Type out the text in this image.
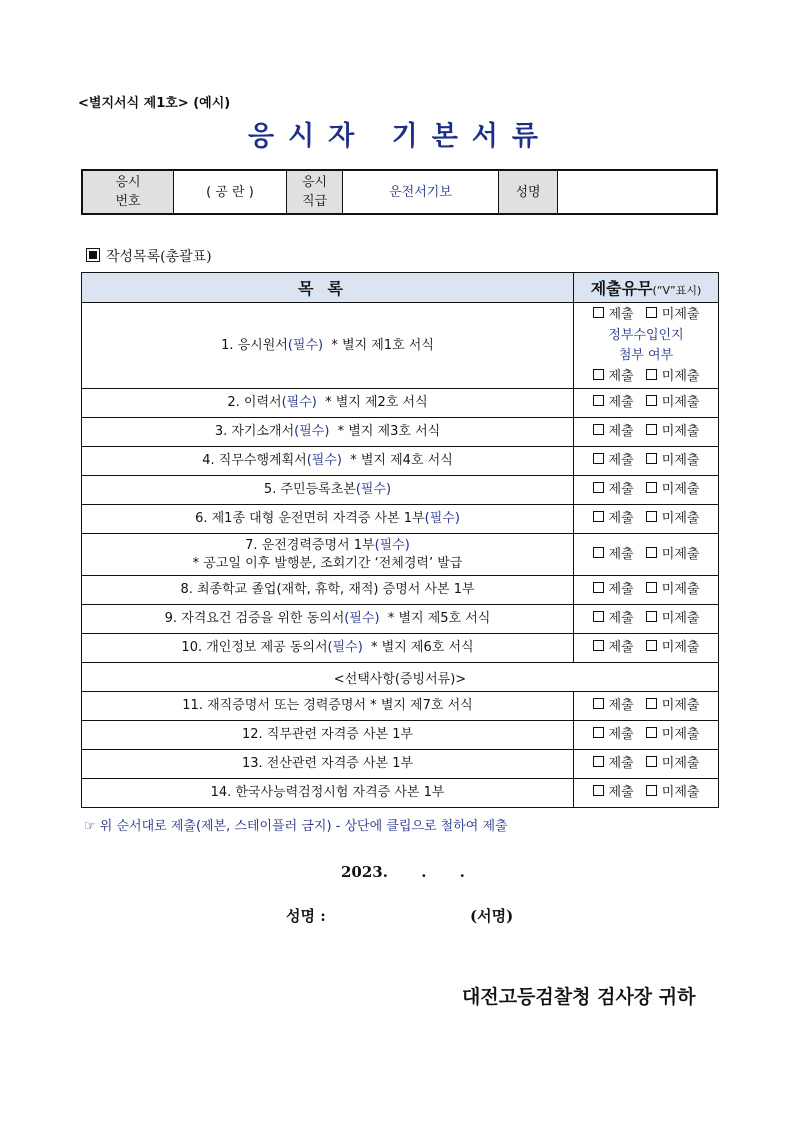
<별지서식 제1호> (예시)
응시자 기본서류
응시
번호
	( 공 란 )	
응시
직급
	운전서기보	성명	
작성목록(총괄표)
목록	제출유무(“V”표시)
1. 응시원서(필수)  * 별지 제1호 서식	제출 미제출
정부수입인지
첨부 여부
제출 미제출

2. 이력서(필수)  * 별지 제2호 서식	제출 미제출
3. 자기소개서(필수)  * 별지 제3호 서식	제출 미제출
4. 직무수행계획서(필수)  * 별지 제4호 서식	제출 미제출
5. 주민등록초본(필수)	제출 미제출
6. 제1종 대형 운전면허 자격증 사본 1부(필수)	제출 미제출

7. 운전경력증명서 1부(필수)
* 공고일 이후 발행분, 조회기간 ‘전체경력’ 발급	제출 미제출
8. 최종학교 졸업(재학, 휴학, 재적) 증명서 사본 1부	제출 미제출
9. 자격요건 검증을 위한 동의서(필수)  * 별지 제5호 서식	제출 미제출
10. 개인정보 제공 동의서(필수)  * 별지 제6호 서식	제출 미제출
<선택사항(증빙서류)>	
11. 재직증명서 또는 경력증명서 * 별지 제7호 서식	제출 미제출
12. 직무관련 자격증 사본 1부	제출 미제출
13. 전산관련 자격증 사본 1부	제출 미제출
14. 한국사능력검정시험 자격증 사본 1부	제출 미제출
☞ 위 순서대로 제출(제본, 스테이플러 금지) - 상단에 클립으로 철하여 제출
2023. . .
성명 :	(서명)
대전고등검찰청 검사장 귀하
